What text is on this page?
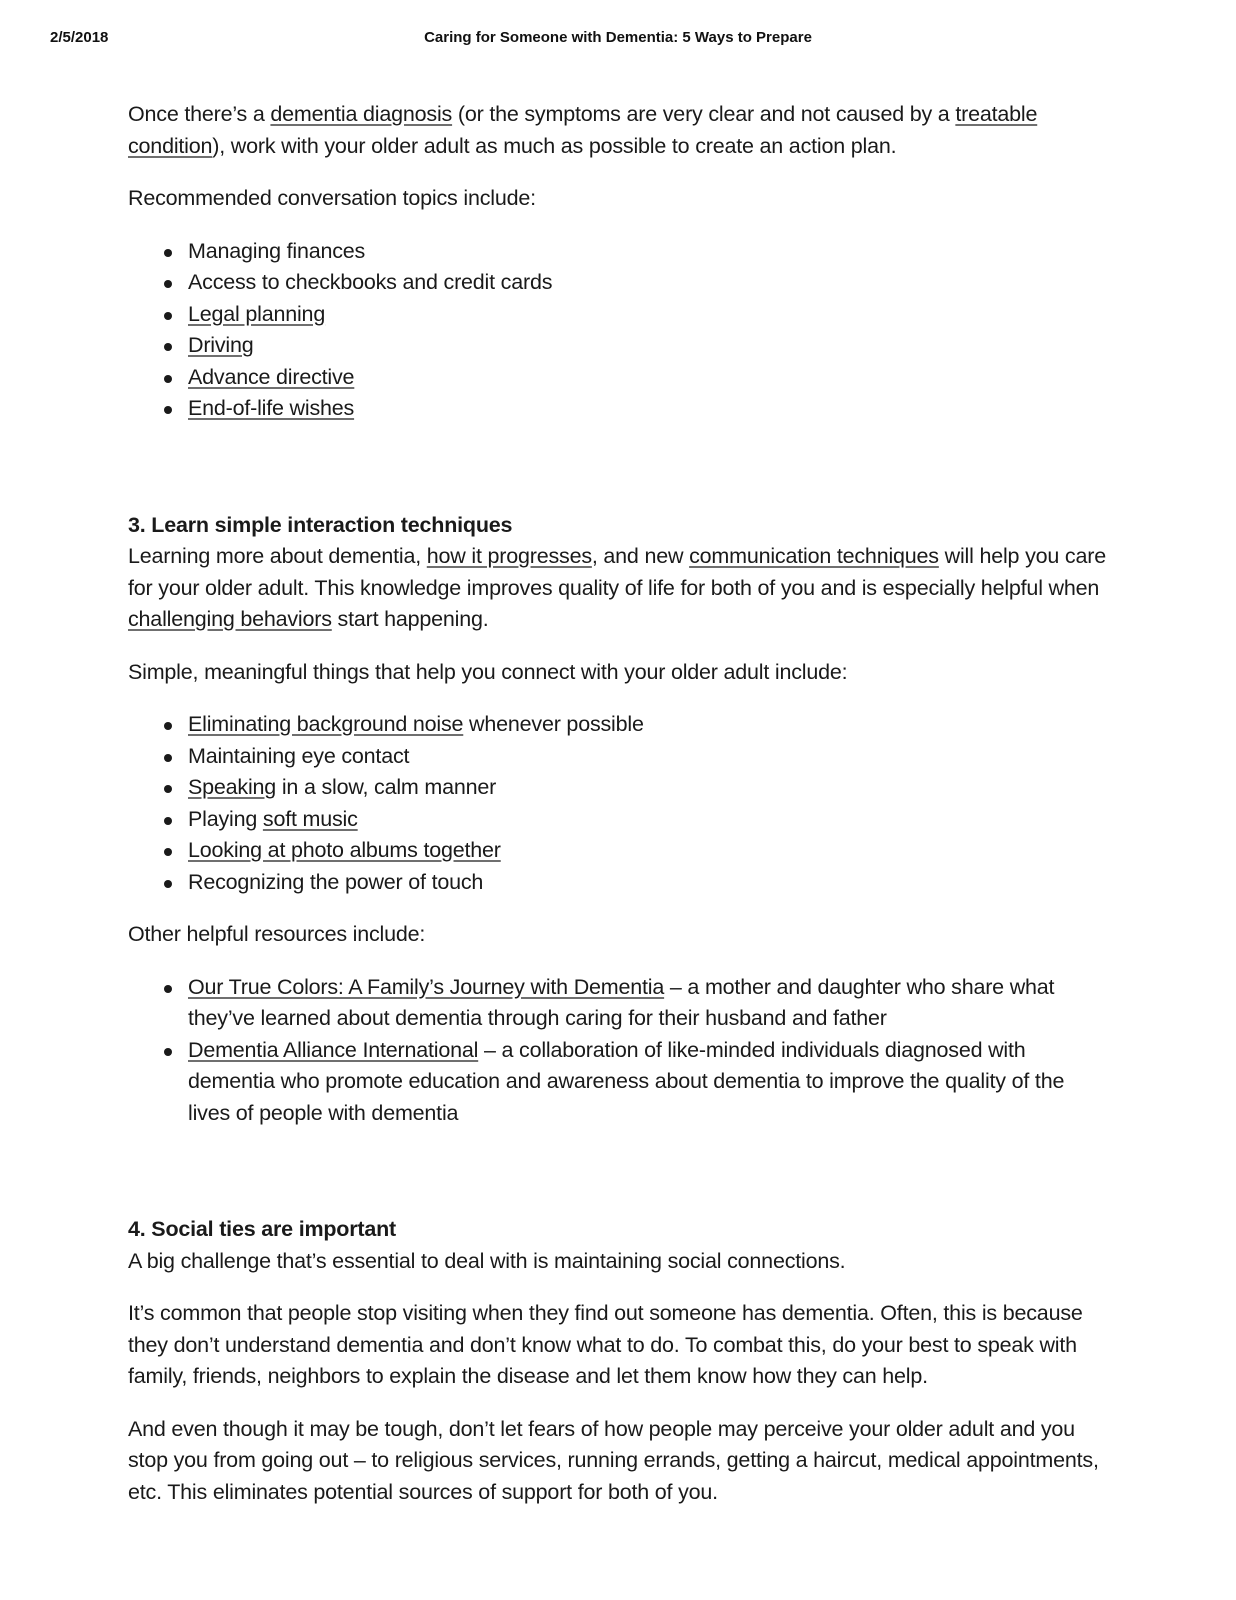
2/5/2018	Caring for Someone with Dementia: 5 Ways to Prepare

Once there’s a dementia diagnosis (or the symptoms are very clear and not caused by a treatable condition), work with your older adult as much as possible to create an action plan.

Recommended conversation topics include:

Managing finances
Access to checkbooks and credit cards
Legal planning
Driving
Advance directive
End-of-life wishes
3. Learn simple interaction techniques

Learning more about dementia, how it progresses, and new communication techniques will help you care for your older adult. This knowledge improves quality of life for both of you and is especially helpful when challenging behaviors start happening.

Simple, meaningful things that help you connect with your older adult include:

Eliminating background noise whenever possible
Maintaining eye contact
Speaking in a slow, calm manner
Playing soft music
Looking at photo albums together
Recognizing the power of touch

Other helpful resources include:

Our True Colors: A Family’s Journey with Dementia – a mother and daughter who share what they’ve learned about dementia through caring for their husband and father
Dementia Alliance International – a collaboration of like-minded individuals diagnosed with dementia who promote education and awareness about dementia to improve the quality of the lives of people with dementia
4. Social ties are important

A big challenge that’s essential to deal with is maintaining social connections.

It’s common that people stop visiting when they find out someone has dementia. Often, this is because they don’t understand dementia and don’t know what to do. To combat this, do your best to speak with family, friends, neighbors to explain the disease and let them know how they can help.

And even though it may be tough, don’t let fears of how people may perceive your older adult and you stop you from going out – to religious services, running errands, getting a haircut, medical appointments, etc. This eliminates potential sources of support for both of you.
